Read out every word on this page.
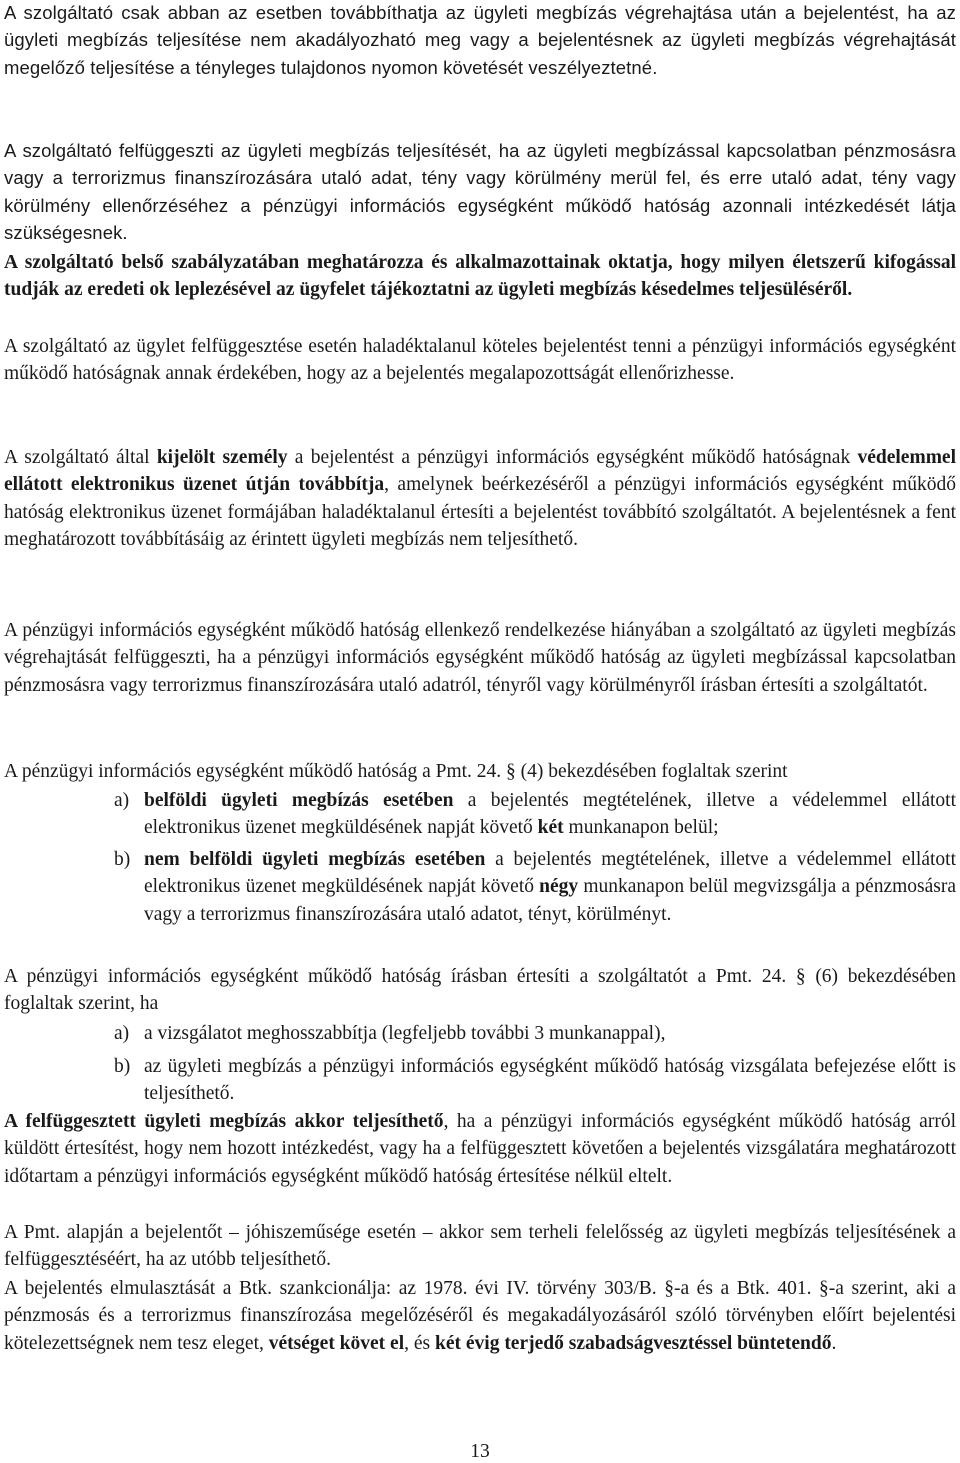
A szolgáltató csak abban az esetben továbbíthatja az ügyleti megbízás végrehajtása után a bejelentést, ha az ügyleti megbízás teljesítése nem akadályozható meg vagy a bejelentésnek az ügyleti megbízás végrehajtását megelőző teljesítése a tényleges tulajdonos nyomon követését veszélyeztetné.

A szolgáltató felfüggeszti az ügyleti megbízás teljesítését, ha az ügyleti megbízással kapcsolatban pénzmosásra vagy a terrorizmus finanszírozására utaló adat, tény vagy körülmény merül fel, és erre utaló adat, tény vagy körülmény ellenőrzéséhez a pénzügyi információs egységként működő hatóság azonnali intézkedését látja szükségesnek.

A szolgáltató belső szabályzatában meghatározza és alkalmazottainak oktatja, hogy milyen életszerű kifogással tudják az eredeti ok leplezésével az ügyfelet tájékoztatni az ügyleti megbízás késedelmes teljesüléséről.

A szolgáltató az ügylet felfüggesztése esetén haladéktalanul köteles bejelentést tenni a pénzügyi információs egységként működő hatóságnak annak érdekében, hogy az a bejelentés megalapozottságát ellenőrizhesse.

A szolgáltató által kijelölt személy a bejelentést a pénzügyi információs egységként működő hatóságnak védelemmel ellátott elektronikus üzenet útján továbbítja, amelynek beérkezéséről a pénzügyi információs egységként működő hatóság elektronikus üzenet formájában haladéktalanul értesíti a bejelentést továbbító szolgáltatót. A bejelentésnek a fent meghatározott továbbításáig az érintett ügyleti megbízás nem teljesíthető.

A pénzügyi információs egységként működő hatóság ellenkező rendelkezése hiányában a szolgáltató az ügyleti megbízás végrehajtását felfüggeszti, ha a pénzügyi információs egységként működő hatóság az ügyleti megbízással kapcsolatban pénzmosásra vagy terrorizmus finanszírozására utaló adatról, tényről vagy körülményről írásban értesíti a szolgáltatót.

A pénzügyi információs egységként működő hatóság a Pmt. 24. § (4) bekezdésében foglaltak szerint

a) belföldi ügyleti megbízás esetében a bejelentés megtételének, illetve a védelemmel ellátott elektronikus üzenet megküldésének napját követő két munkanapon belül;
b) nem belföldi ügyleti megbízás esetében a bejelentés megtételének, illetve a védelemmel ellátott elektronikus üzenet megküldésének napját követő négy munkanapon belül megvizsgálja a pénzmosásra vagy a terrorizmus finanszírozására utaló adatot, tényt, körülményt.

A pénzügyi információs egységként működő hatóság írásban értesíti a szolgáltatót a Pmt. 24. § (6) bekezdésében foglaltak szerint, ha

a) a vizsgálatot meghosszabbítja (legfeljebb további 3 munkanappal),
b) az ügyleti megbízás a pénzügyi információs egységként működő hatóság vizsgálata befejezése előtt is teljesíthető.

A felfüggesztett ügyleti megbízás akkor teljesíthető, ha a pénzügyi információs egységként működő hatóság arról küldött értesítést, hogy nem hozott intézkedést, vagy ha a felfüggesztett követően a bejelentés vizsgálatára meghatározott időtartam a pénzügyi információs egységként működő hatóság értesítése nélkül eltelt.

A Pmt. alapján a bejelentőt – jóhiszeműsége esetén – akkor sem terheli felelősség az ügyleti megbízás teljesítésének a felfüggesztéséért, ha az utóbb teljesíthető.

A bejelentés elmulasztását a Btk. szankcionálja: az 1978. évi IV. törvény 303/B. §-a és a Btk. 401. §-a szerint, aki a pénzmosás és a terrorizmus finanszírozása megelőzéséről és megakadályozásáról szóló törvényben előírt bejelentési kötelezettségnek nem tesz eleget, vétséget követ el, és két évig terjedő szabadságvesztéssel büntetendő.

13
